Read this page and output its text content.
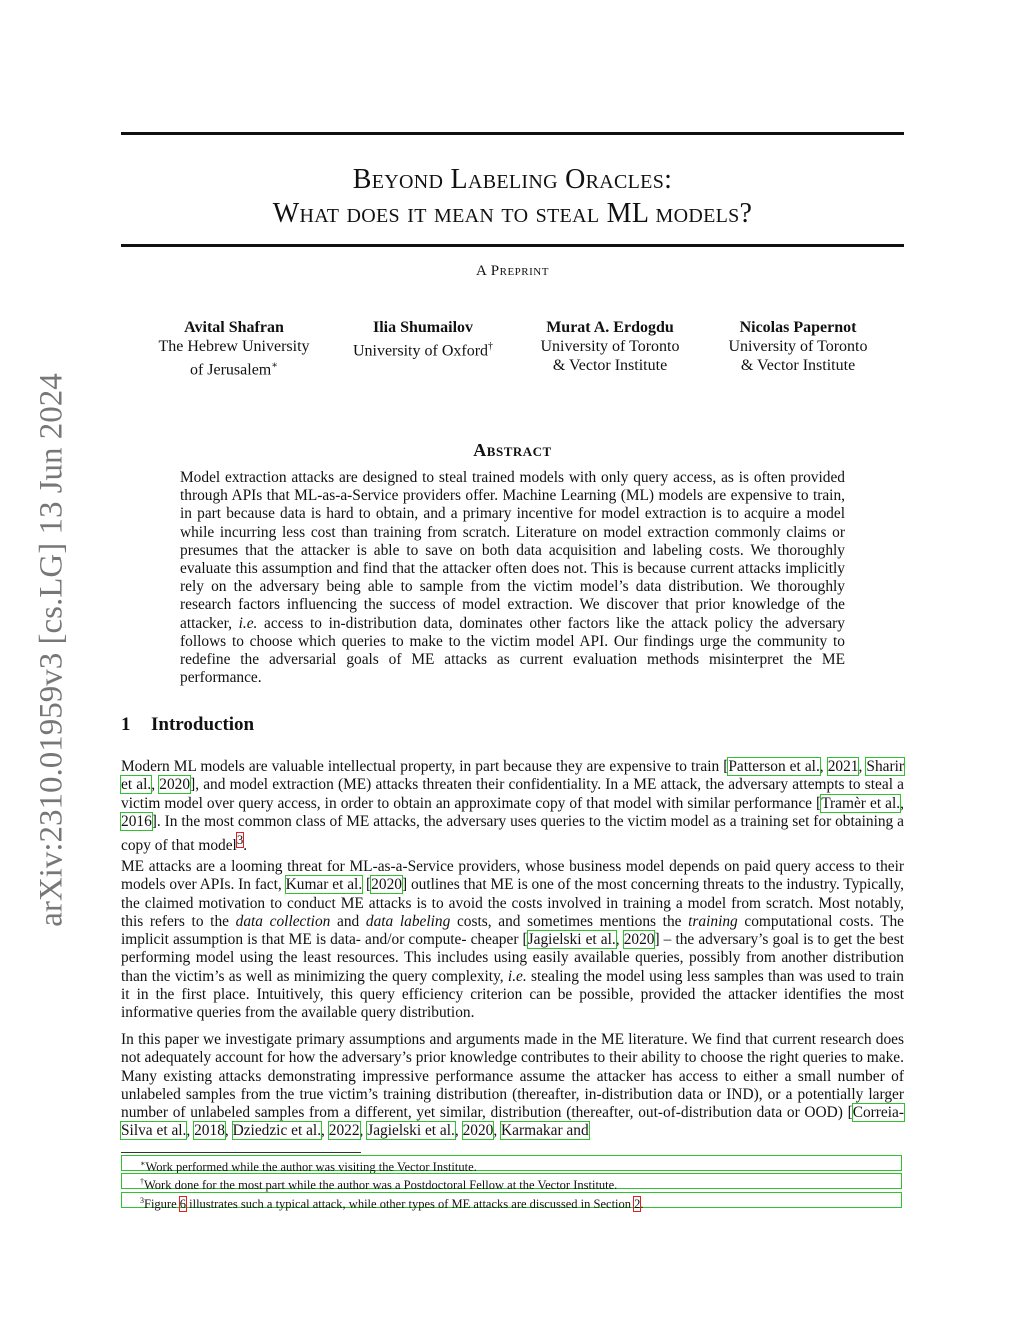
arXiv:2310.01959v3 [cs.LG] 13 Jun 2024
Beyond Labeling Oracles:
What does it mean to steal ML models?
A Preprint
Avital Shafran
The Hebrew University
of Jerusalem∗
Ilia Shumailov
University of Oxford†
Murat A. Erdogdu
University of Toronto
& Vector Institute
Nicolas Papernot
University of Toronto
& Vector Institute
Abstract
Model extraction attacks are designed to steal trained models with only query access, as is often provided through APIs that ML-as-a-Service providers offer. Machine Learning (ML) models are expensive to train, in part because data is hard to obtain, and a primary incentive for model extraction is to acquire a model while incurring less cost than training from scratch. Literature on model extraction commonly claims or presumes that the attacker is able to save on both data acquisition and labeling costs. We thoroughly evaluate this assumption and find that the attacker often does not. This is because current attacks implicitly rely on the adversary being able to sample from the victim model’s data distribution. We thoroughly research factors influencing the success of model extraction. We discover that prior knowledge of the attacker, i.e. access to in-distribution data, dominates other factors like the attack policy the adversary follows to choose which queries to make to the victim model API. Our findings urge the community to redefine the adversarial goals of ME attacks as current evaluation methods misinterpret the ME performance.
1 Introduction
Modern ML models are valuable intellectual property, in part because they are expensive to train [Patterson et al., 2021, Sharir et al., 2020], and model extraction (ME) attacks threaten their confidentiality. In a ME attack, the adversary attempts to steal a victim model over query access, in order to obtain an approximate copy of that model with similar performance [Tramèr et al., 2016]. In the most common class of ME attacks, the adversary uses queries to the victim model as a training set for obtaining a copy of that model$^3$.
ME attacks are a looming threat for ML-as-a-Service providers, whose business model depends on paid query access to their models over APIs. In fact, Kumar et al. [2020] outlines that ME is one of the most concerning threats to the industry. Typically, the claimed motivation to conduct ME attacks is to avoid the costs involved in training a model from scratch. Most notably, this refers to the data collection and data labeling costs, and sometimes mentions the training computational costs. The implicit assumption is that ME is data- and/or compute- cheaper [Jagielski et al., 2020] – the adversary’s goal is to get the best performing model using the least resources. This includes using easily available queries, possibly from another distribution than the victim’s as well as minimizing the query complexity, i.e. stealing the model using less samples than was used to train it in the first place. Intuitively, this query efficiency criterion can be possible, provided the attacker identifies the most informative queries from the available query distribution.
In this paper we investigate primary assumptions and arguments made in the ME literature. We find that current research does not adequately account for how the adversary’s prior knowledge contributes to their ability to choose the right queries to make. Many existing attacks demonstrating impressive performance assume the attacker has access to either a small number of unlabeled samples from the true victim’s training distribution (thereafter, in-distribution data or IND), or a potentially larger number of unlabeled samples from a different, yet similar, distribution (thereafter, out-of-distribution data or OOD) [Correia-Silva et al., 2018, Dziedzic et al., 2022, Jagielski et al., 2020, Karmakar and
∗Work performed while the author was visiting the Vector Institute.
†Work done for the most part while the author was a Postdoctoral Fellow at the Vector Institute.
$^3$Figure 6 illustrates such a typical attack, while other types of ME attacks are discussed in Section 2.
